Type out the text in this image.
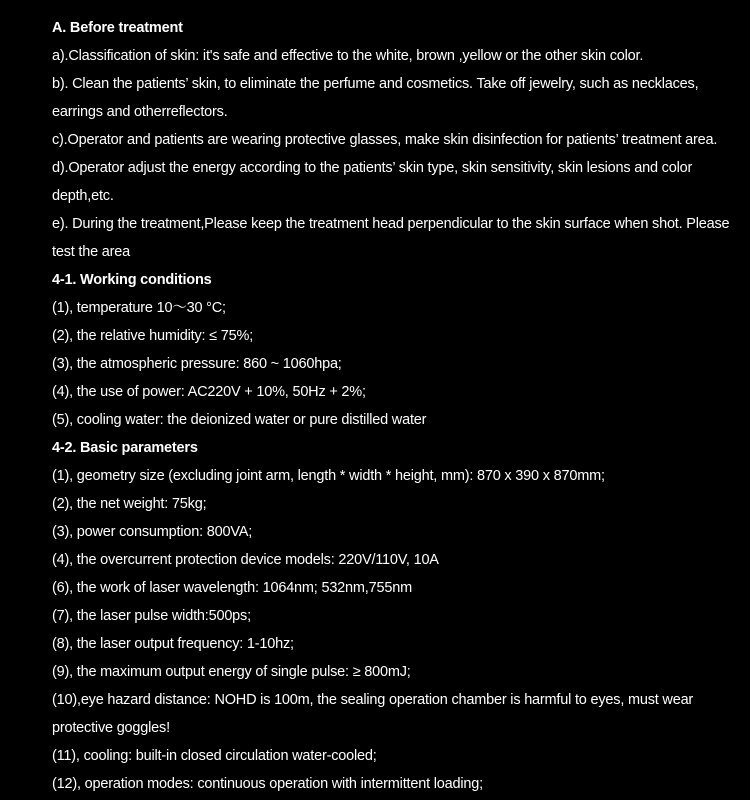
A. Before treatment
a).Classification of skin: it's safe and effective to the white, brown ,yellow or the other skin color.
b). Clean the patients’ skin, to eliminate the perfume and cosmetics. Take off jewelry, such as necklaces,
earrings and otherreflectors.
c).Operator and patients are wearing protective glasses, make skin disinfection for patients’ treatment area.
d).Operator adjust the energy according to the patients’ skin type, skin sensitivity, skin lesions and color
depth,etc.
e). During the treatment,Please keep the treatment head perpendicular to the skin surface when shot. Please
test the area
4-1. Working conditions
(1), temperature 10～30 °C;
(2), the relative humidity: ≤ 75%;
(3), the atmospheric pressure: 860 ~ 1060hpa;
(4), the use of power: AC220V + 10%, 50Hz + 2%;
(5), cooling water: the deionized water or pure distilled water
4-2. Basic parameters
(1), geometry size (excluding joint arm, length * width * height, mm): 870 x 390 x 870mm;
(2), the net weight: 75kg;
(3), power consumption: 800VA;
(4), the overcurrent protection device models: 220V/110V, 10A
(6), the work of laser wavelength: 1064nm; 532nm,755nm
(7), the laser pulse width:500ps;
(8), the laser output frequency: 1-10hz;
(9), the maximum output energy of single pulse: ≥ 800mJ;
(10),eye hazard distance: NOHD is 100m, the sealing operation chamber is harmful to eyes, must wear
protective goggles!
(11), cooling: built-in closed circulation water-cooled;
(12), operation modes: continuous operation with intermittent loading;
